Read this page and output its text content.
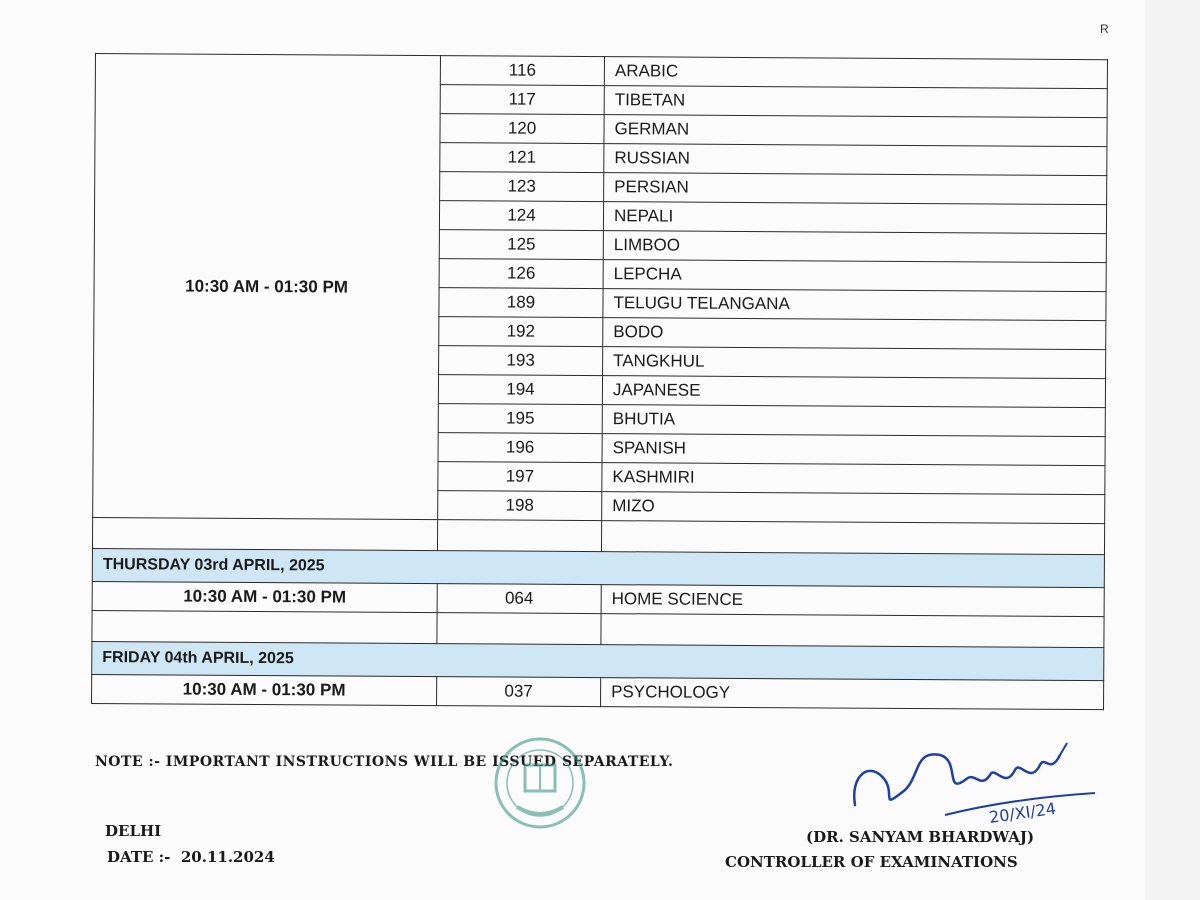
R
10:30 AM - 01:30 PM	116	ARABIC
	117	TIBETAN
	120	GERMAN
	121	RUSSIAN
	123	PERSIAN
	124	NEPALI
	125	LIMBOO
	126	LEPCHA
	189	TELUGU TELANGANA
	192	BODO
	193	TANGKHUL
	194	JAPANESE
	195	BHUTIA
	196	SPANISH
	197	KASHMIRI
	198	MIZO

THURSDAY 03rd APRIL, 2025		
10:30 AM - 01:30 PM	064	HOME SCIENCE

FRIDAY 04th APRIL, 2025		
10:30 AM - 01:30 PM	037	PSYCHOLOGY
NOTE :- IMPORTANT INSTRUCTIONS WILL BE ISSUED SEPARATELY.
DELHI
DATE :- 20.11.2024
20/XI/24
(DR. SANYAM BHARDWAJ)
CONTROLLER OF EXAMINATIONS
